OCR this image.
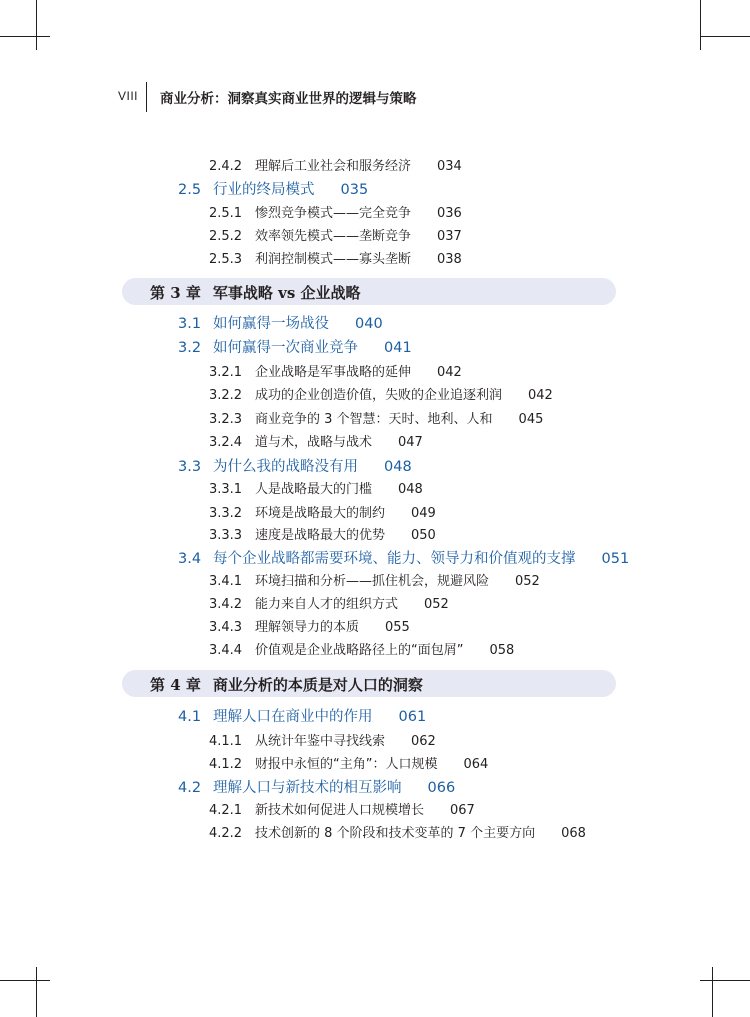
VIII 商业分析：洞察真实商业世界的逻辑与策略
2.4.2 理解后工业社会和服务经济 034
2.5 行业的终局模式 035
2.5.1 惨烈竞争模式——完全竞争 036
2.5.2 效率领先模式——垄断竞争 037
2.5.3 利润控制模式——寡头垄断 038
第 3 章 军事战略 vs 企业战略
3.1 如何赢得一场战役 040
3.2 如何赢得一次商业竞争 041
3.2.1 企业战略是军事战略的延伸 042
3.2.2 成功的企业创造价值，失败的企业追逐利润 042
3.2.3 商业竞争的 3 个智慧：天时、地利、人和 045
3.2.4 道与术，战略与战术 047
3.3 为什么我的战略没有用 048
3.3.1 人是战略最大的门槛 048
3.3.2 环境是战略最大的制约 049
3.3.3 速度是战略最大的优势 050
3.4 每个企业战略都需要环境、能力、领导力和价值观的支撑 051
3.4.1 环境扫描和分析——抓住机会，规避风险 052
3.4.2 能力来自人才的组织方式 052
3.4.3 理解领导力的本质 055
3.4.4 价值观是企业战略路径上的“面包屑” 058
第 4 章 商业分析的本质是对人口的洞察
4.1 理解人口在商业中的作用 061
4.1.1 从统计年鉴中寻找线索 062
4.1.2 财报中永恒的“主角”：人口规模 064
4.2 理解人口与新技术的相互影响 066
4.2.1 新技术如何促进人口规模增长 067
4.2.2 技术创新的 8 个阶段和技术变革的 7 个主要方向 068
